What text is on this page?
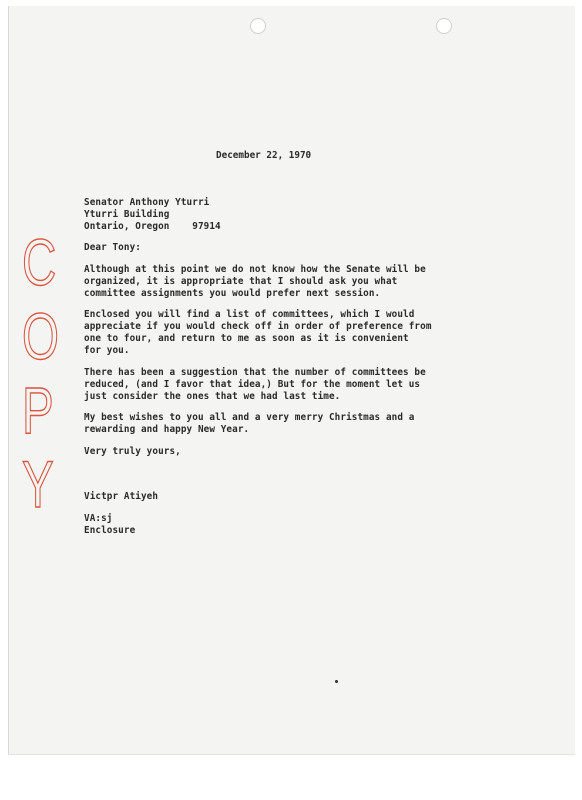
C
O
P
Y
December 22, 1970
Senator Anthony Yturri
Yturri Building
Ontario, Oregon    97914
Dear Tony:
Although at this point we do not know how the Senate will be
organized, it is appropriate that I should ask you what
committee assignments you would prefer next session.
Enclosed you will find a list of committees, which I would
appreciate if you would check off in order of preference from
one to four, and return to me as soon as it is convenient
for you.
There has been a suggestion that the number of committees be
reduced, (and I favor that idea,) But for the moment let us
just consider the ones that we had last time.
My best wishes to you all and a very merry Christmas and a
rewarding and happy New Year.
Very truly yours,
Victpr Atiyeh
VA:sj
Enclosure
